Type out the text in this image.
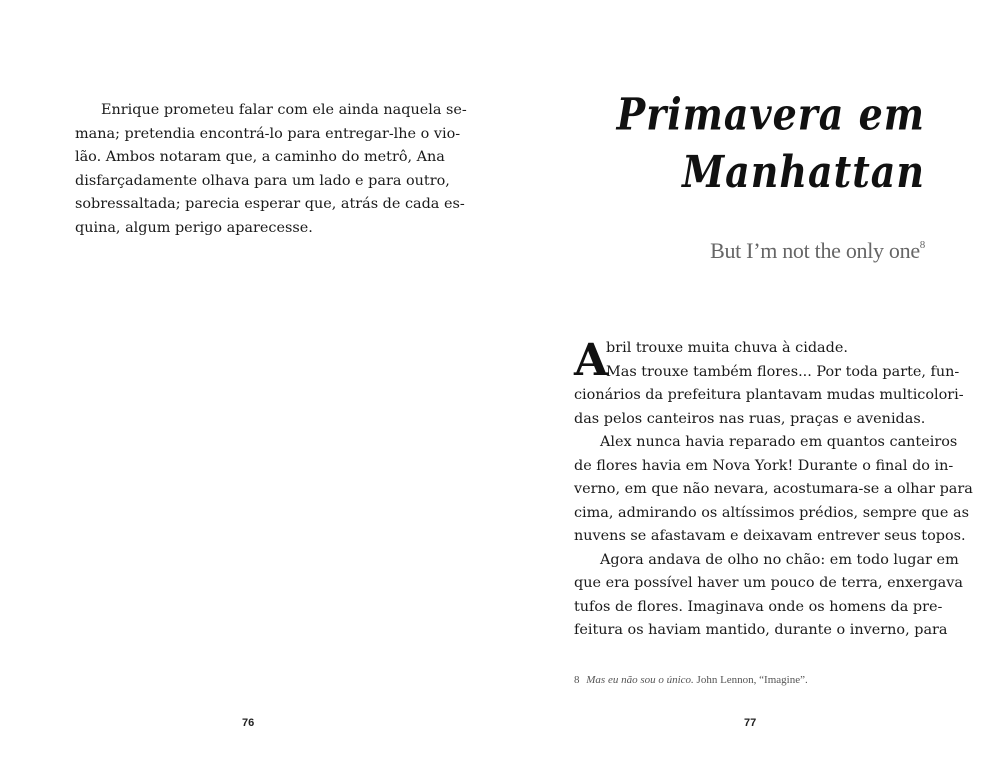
Enrique prometeu falar com ele ainda naquela se-
mana; pretendia encontrá-lo para entregar-lhe o vio-
lão. Ambos notaram que, a caminho do metrô, Ana
disfarçadamente olhava para um lado e para outro,
sobressaltada; parecia esperar que, atrás de cada es-
quina, algum perigo aparecesse.
76
Primavera em
Manhattan
But I’m not the only one$^8$
A
bril trouxe muita chuva à cidade.
Mas trouxe também flores... Por toda parte, fun-
cionários da prefeitura plantavam mudas multicolori-
das pelos canteiros nas ruas, praças e avenidas.
Alex nunca havia reparado em quantos canteiros
de flores havia em Nova York! Durante o final do in-
verno, em que não nevara, acostumara-se a olhar para
cima, admirando os altíssimos prédios, sempre que as
nuvens se afastavam e deixavam entrever seus topos.
Agora andava de olho no chão: em todo lugar em
que era possível haver um pouco de terra, enxergava
tufos de flores. Imaginava onde os homens da pre-
feitura os haviam mantido, durante o inverno, para
8 Mas eu não sou o único. John Lennon, “Imagine”.
77
